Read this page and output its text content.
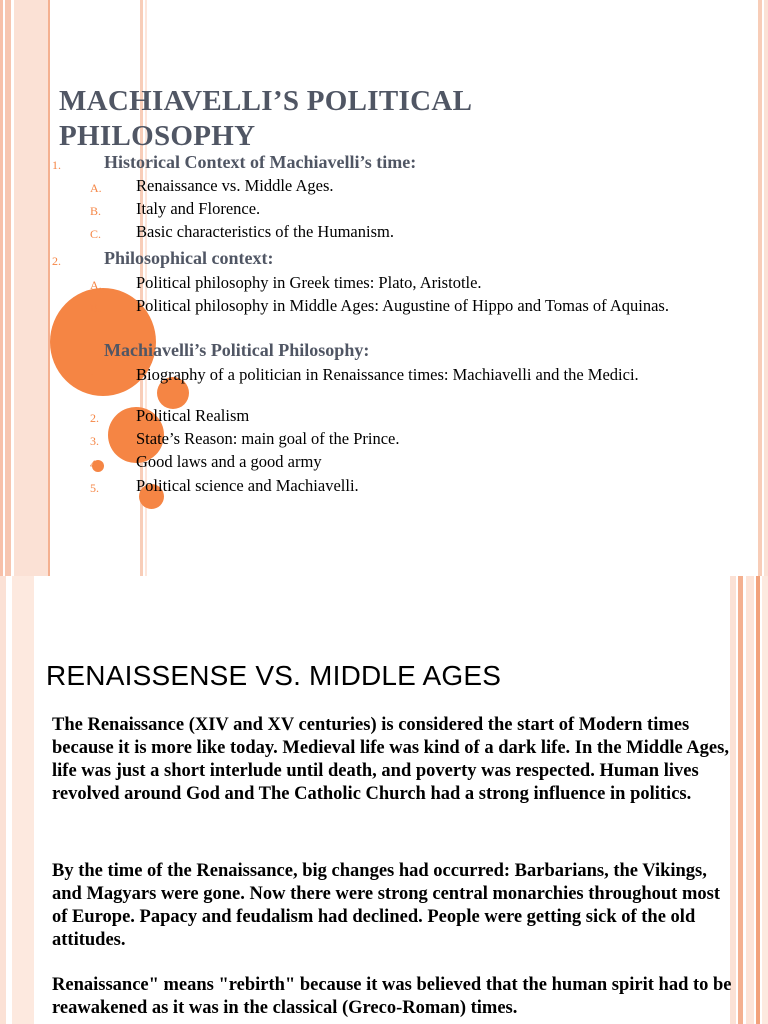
MACHIAVELLI’S POLITICAL PHILOSOPHY
1. Historical Context of Machiavelli’s time:
A. Renaissance vs. Middle Ages.
B. Italy and Florence.
C. Basic characteristics of the Humanism.
2. Philosophical context:
A. Political philosophy in Greek times: Plato, Aristotle.
B. Political philosophy in Middle Ages: Augustine of Hippo and Tomas of Aquinas.
3. Machiavelli’s Political Philosophy:
1. Biography of a politician in Renaissance times: Machiavelli and the Medici.
2. Political Realism
3. State’s Reason: main goal of the Prince.
4. Good laws and a good army
5. Political science and Machiavelli.
RENAISSENSE VS. MIDDLE AGES

The Renaissance (XIV and XV centuries) is considered the start of Modern times because it is more like today. Medieval life was kind of a dark life. In the Middle Ages, life was just a short interlude until death, and poverty was respected. Human lives revolved around God and The Catholic Church had a strong influence in politics.

By the time of the Renaissance, big changes had occurred: Barbarians, the Vikings, and Magyars were gone. Now there were strong central monarchies throughout most of Europe. Papacy and feudalism had declined. People were getting sick of the old attitudes.

Renaissance" means "rebirth" because it was believed that the human spirit had to be reawakened as it was in the classical (Greco-Roman) times.
